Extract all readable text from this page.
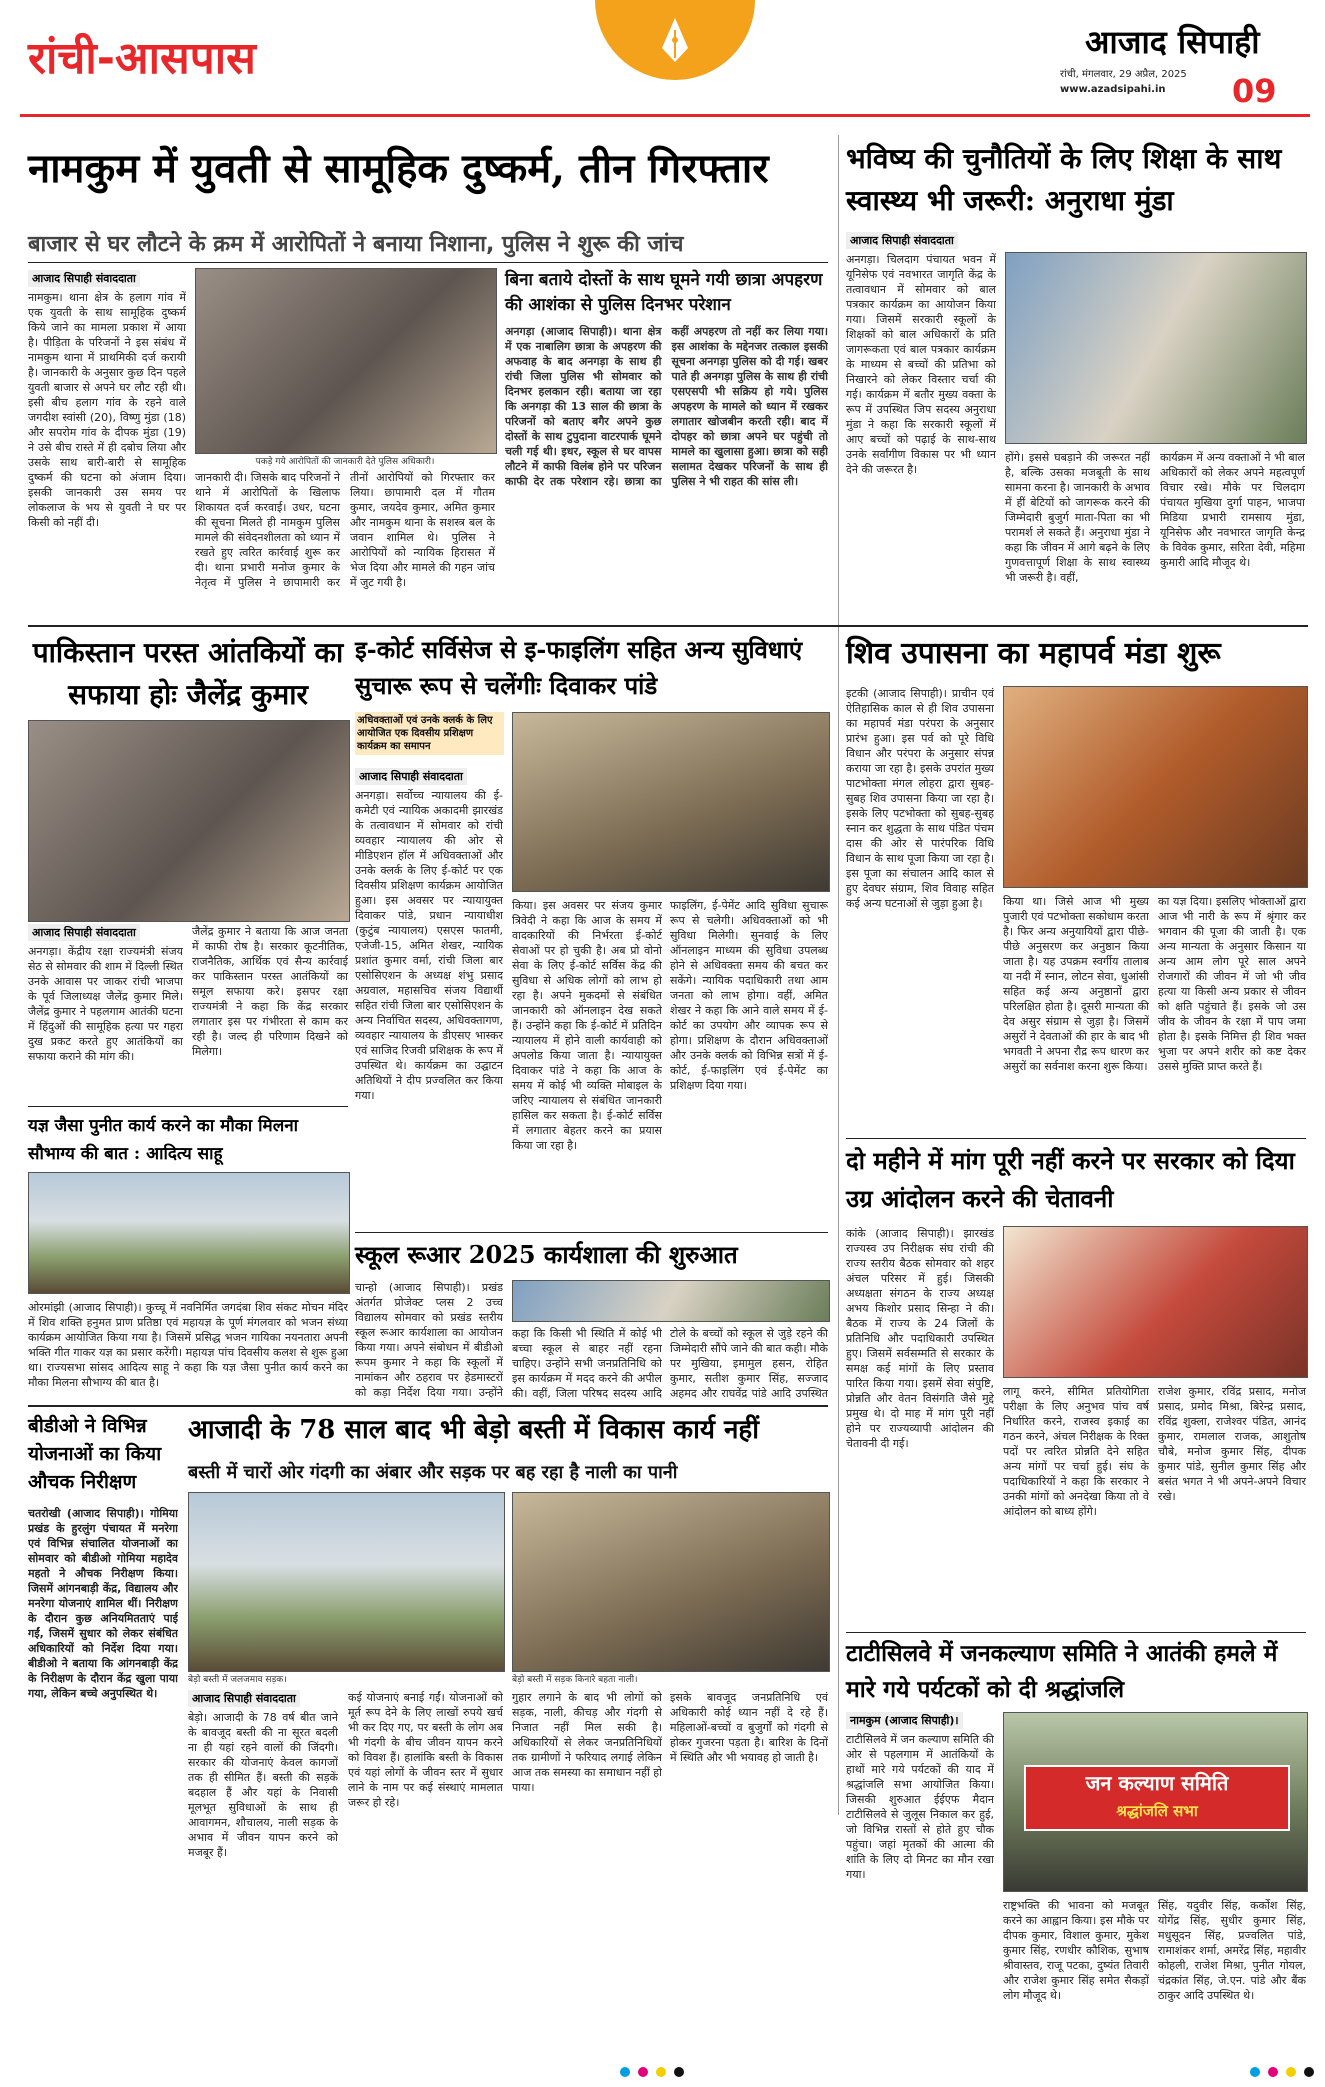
रांची-आसपास	आजाद सिपाही
रांची, मंगलवार, 29 अप्रैल, 2025
www.azadsipahi.in 09
नामकुम में युवती से सामूहिक दुष्कर्म, तीन गिरफ्तार
बाजार से घर लौटने के क्रम में आरोपितों ने बनाया निशाना, पुलिस ने शुरू की जांच
आजाद सिपाही संवाददाता
नामकुम। थाना क्षेत्र के हलाग गांव में एक युवती के साथ सामूहिक दुष्कर्म किये जाने का मामला प्रकाश में आया है। पीड़िता के परिजनों ने इस संबंध में नामकुम थाना में प्राथमिकी दर्ज करायी है। जानकारी के अनुसार कुछ दिन पहले युवती बाजार से अपने घर लौट रही थी। इसी बीच हलाग गांव के रहने वाले जगदीश स्वांसी (20), विष्णु मुंडा (18) और सपरोम गांव के दीपक मुंडा (19) ने उसे बीच रास्ते में ही दबोच लिया और उसके साथ बारी-बारी से सामूहिक दुष्कर्म की घटना को अंजाम दिया। इसकी जानकारी उस समय पर लोकलाज के भय से युवती ने घर पर किसी को नहीं दी।
पकड़े गये आरोपितों की जानकारी देते पुलिस अधिकारी।
जानकारी दी। जिसके बाद परिजनों ने थाने में आरोपितों के खिलाफ शिकायत दर्ज करवाई। उधर, घटना की सूचना मिलते ही नामकुम पुलिस मामले की संवेदनशीलता को ध्यान में रखते हुए त्वरित कार्रवाई शुरू कर दी। थाना प्रभारी मनोज कुमार के नेतृत्व में पुलिस ने छापामारी कर तीनों आरोपियों को गिरफ्तार कर लिया। छापामारी दल में गौतम कुमार, जयदेव कुमार, अमित कुमार और नामकुम थाना के सशस्त्र बल के जवान शामिल थे। पुलिस ने आरोपियों को न्यायिक हिरासत में भेज दिया और मामले की गहन जांच में जुट गयी है।
बिना बताये दोस्तों के साथ घूमने गयी छात्रा अपहरण की आशंका से पुलिस दिनभर परेशान
अनगड़ा (आजाद सिपाही)। थाना क्षेत्र में एक नाबालिग छात्रा के अपहरण की अफवाह के बाद अनगड़ा के साथ ही रांची जिला पुलिस भी सोमवार को दिनभर हलकान रही। बताया जा रहा कि अनगड़ा की 13 साल की छात्रा के परिजनों को बताए बगैर अपने कुछ दोस्तों के साथ टुपुदाना वाटरपार्क घूमने चली गई थी। इधर, स्कूल से घर वापस लौटने में काफी विलंब होने पर परिजन काफी देर तक परेशान रहे। छात्रा का कहीं अपहरण तो नहीं कर लिया गया। इस आशंका के मद्देनजर तत्काल इसकी सूचना अनगड़ा पुलिस को दी गई। खबर पाते ही अनगड़ा पुलिस के साथ ही रांची एसएसपी भी सक्रिय हो गये। पुलिस अपहरण के मामले को ध्यान में रखकर लगातार खोजबीन करती रही। बाद में दोपहर को छात्रा अपने घर पहुंची तो मामले का खुलासा हुआ। छात्रा को सही सलामत देखकर परिजनों के साथ ही पुलिस ने भी राहत की सांस ली।
भविष्य की चुनौतियों के लिए शिक्षा के साथ स्वास्थ्य भी जरूरी: अनुराधा मुंडा
आजाद सिपाही संवाददाता
अनगड़ा। चिलदाग पंचायत भवन में यूनिसेफ एवं नवभारत जागृति केंद्र के तत्वावधान में सोमवार को बाल पत्रकार कार्यक्रम का आयोजन किया गया। जिसमें सरकारी स्कूलों के शिक्षकों को बाल अधिकारों के प्रति जागरूकता एवं बाल पत्रकार कार्यक्रम के माध्यम से बच्चों की प्रतिभा को निखारने को लेकर विस्तार चर्चा की गई। कार्यक्रम में बतौर मुख्य वक्ता के रूप में उपस्थित जिप सदस्य अनुराधा मुंडा ने कहा कि सरकारी स्कूलों में आए बच्चों को पढ़ाई के साथ-साथ उनके सर्वांगीण विकास पर भी ध्यान देने की जरूरत है।
होंगे। इससे घबड़ाने की जरूरत नहीं है, बल्कि उसका मजबूती के साथ सामना करना है। जानकारी के अभाव में हीं बेटियों को जागरूक करने की जिम्मेदारी बुजुर्ग माता-पिता का भी परामर्श ले सकते हैं। अनुराधा मुंडा ने कहा कि जीवन में आगे बढ़ने के लिए गुणवत्तापूर्ण शिक्षा के साथ स्वास्थ्य भी जरूरी है। वहीं,
कार्यक्रम में अन्य वक्ताओं ने भी बाल अधिकारों को लेकर अपने महत्वपूर्ण विचार रखे। मौके पर चिलदाग पंचायत मुखिया दुर्गा पाहन, भाजपा मिडिया प्रभारी रामसाय मुंडा, यूनिसेफ और नवभारत जागृति केन्द्र के विवेक कुमार, सरिता देवी, महिमा कुमारी आदि मौजूद थे।
पाकिस्तान परस्त आंतकियों का सफाया होः जैलेंद्र कुमार
आजाद सिपाही संवाददाता
अनगड़ा। केंद्रीय रक्षा राज्यमंत्री संजय सेठ से सोमवार की शाम में दिल्ली स्थित उनके आवास पर जाकर रांची भाजपा के पूर्व जिलाध्यक्ष जैलेंद्र कुमार मिले। जैलेंद्र कुमार ने पहलगाम आतंकी घटना में हिंदुओं की सामूहिक हत्या पर गहरा दुख प्रकट करते हुए आतंकियों का सफाया कराने की मांग की।
जैलेंद्र कुमार ने बताया कि आज जनता में काफी रोष है। सरकार कूटनीतिक, राजनैतिक, आर्थिक एवं सैन्य कार्रवाई कर पाकिस्तान परस्त आतंकियों का समूल सफाया करे। इसपर रक्षा राज्यमंत्री ने कहा कि केंद्र सरकार लगातार इस पर गंभीरता से काम कर रही है। जल्द ही परिणाम दिखने को मिलेगा।
इ-कोर्ट सर्विसेज से इ-फाइलिंग सहित अन्य सुविधाएं सुचारू रूप से चलेंगीः दिवाकर पांडे
अधिवक्ताओं एवं उनके क्लर्क के लिए आयोजित एक दिवसीय प्रशिक्षण कार्यक्रम का समापन
आजाद सिपाही संवाददाता
अनगड़ा। सर्वोच्च न्यायालय की ई-कमेटी एवं न्यायिक अकादमी झारखंड के तत्वावधान में सोमवार को रांची व्यवहार न्यायालय की ओर से मीडिएशन हॉल में अधिवक्ताओं और उनके क्लर्क के लिए ई-कोर्ट पर एक दिवसीय प्रशिक्षण कार्यक्रम आयोजित हुआ। इस अवसर पर न्यायायुक्त दिवाकर पांडे, प्रधान न्यायाधीश (कुटुंब न्यायालय) एसएस फातमी, एजेजी-15, अमित शेखर, न्यायिक प्रशांत कुमार वर्मा, रांची जिला बार एसोसिएशन के अध्यक्ष शंभु प्रसाद अग्रवाल, महासचिव संजय विद्यार्थी सहित रांची जिला बार एसोसिएशन के अन्य निर्वाचित सदस्य, अधिवक्तागण, व्यवहार न्यायालय के डीएसए भास्कर एवं साजिद रिजवी प्रशिक्षक के रूप में उपस्थित थे। कार्यक्रम का उद्घाटन अतिथियों ने दीप प्रज्वलित कर किया गया।
किया। इस अवसर पर संजय कुमार त्रिवेदी ने कहा कि आज के समय में वादकारियों की निर्भरता ई-कोर्ट सेवाओं पर हो चुकी है। अब प्रो वोनो सेवा के लिए ई-कोर्ट सर्विस केंद्र की सुविधा से अधिक लोगों को लाभ हो रहा है। अपने मुकदमों से संबंधित जानकारी को ऑनलाइन देख सकते हैं। उन्होंने कहा कि ई-कोर्ट में प्रतिदिन न्यायालय में होने वाली कार्यवाही को अपलोड किया जाता है। न्यायायुक्त दिवाकर पांडे ने कहा कि आज के समय में कोई भी व्यक्ति मोबाइल के जरिए न्यायालय से संबंधित जानकारी हासिल कर सकता है। ई-कोर्ट सर्विस में लगातार बेहतर करने का प्रयास किया जा रहा है।
फाइलिंग, ई-पेमेंट आदि सुविधा सुचारू रूप से चलेगी। अधिवक्ताओं को भी सुविधा मिलेगी। सुनवाई के लिए ऑनलाइन माध्यम की सुविधा उपलब्ध होने से अधिवक्ता समय की बचत कर सकेंगे। न्यायिक पदाधिकारी तथा आम जनता को लाभ होगा। वहीं, अमित शेखर ने कहा कि आने वाले समय में ई-कोर्ट का उपयोग और व्यापक रूप से होगा। प्रशिक्षण के दौरान अधिवक्ताओं और उनके क्लर्क को विभिन्न सत्रों में ई-कोर्ट, ई-फाइलिंग एवं ई-पेमेंट का प्रशिक्षण दिया गया।
शिव उपासना का महापर्व मंडा शुरू
इटकी (आजाद सिपाही)। प्राचीन एवं ऐतिहासिक काल से ही शिव उपासना का महापर्व मंडा परंपरा के अनुसार प्रारंभ हुआ। इस पर्व को पूरे विधि विधान और परंपरा के अनुसार संपन्न कराया जा रहा है। इसके उपरांत मुख्य पाटभोक्ता मंगल लोहरा द्वारा सुबह-सुबह शिव उपासना किया जा रहा है। इसके लिए पटभोक्ता को सुबह-सुबह स्नान कर शुद्धता के साथ पंडित पंचम दास की ओर से पारंपरिक विधि विधान के साथ पूजा किया जा रहा है। इस पूजा का संचालन आदि काल से हुए देवघर संग्राम, शिव विवाह सहित कई अन्य घटनाओं से जुड़ा हुआ है।	किया था। जिसे आज भी मुख्य पुजारी एवं पटभोक्ता सकोधाम करता है। फिर अन्य अनुयायियों द्वारा पीछे-पीछे अनुसरण कर अनुष्ठान किया जाता है। यह उपक्रम स्वर्गीय तालाब या नदी में स्नान, लोटन सेवा, धुआंसी सहित कई अन्य अनुष्ठानों द्वारा परिलक्षित होता है। दूसरी मान्यता की देव असुर संग्राम से जुड़ा है। जिसमें असुरों ने देवताओं की हार के बाद भी भगवती ने अपना रौद्र रूप धारण कर असुरों का सर्वनाश करना शुरू किया।
का यज्ञ दिया। इसलिए भोक्ताओं द्वारा आज भी नारी के रूप में श्रृंगार कर भगवान की पूजा की जाती है। एक अन्य मान्यता के अनुसार किसान या अन्य आम लोग पूरे साल अपने रोजगारों की जीवन में जो भी जीव हत्या या किसी अन्य प्रकार से जीवन को क्षति पहुंचाते हैं। इसके जो उस जीव के जीवन के रक्षा में पाप जमा होता है। इसके निमित्त ही शिव भक्त भुजा पर अपने शरीर को कष्ट देकर उससे मुक्ति प्राप्त करते हैं।
यज्ञ जैसा पुनीत कार्य करने का मौका मिलना सौभाग्य की बात : आदित्य साहू
ओरमांझी (आजाद सिपाही)। कुच्चू में नवनिर्मित जगदंबा शिव संकट मोचन मंदिर में शिव शक्ति हनुमत प्राण प्रतिष्ठा एवं महायज्ञ के पूर्ण मंगलवार को भजन संध्या कार्यक्रम आयोजित किया गया है। जिसमें प्रसिद्ध भजन गायिका नयनतारा अपनी भक्ति गीत गाकर यज्ञ का प्रसार करेंगी। महायज्ञ पांच दिवसीय कलश से शुरू हुआ था। राज्यसभा सांसद आदित्य साहू ने कहा कि यज्ञ जैसा पुनीत कार्य करने का मौका मिलना सौभाग्य की बात है।
स्कूल रूआर 2025 कार्यशाला की शुरुआत
चान्हो (आजाद सिपाही)। प्रखंड अंतर्गत प्रोजेक्ट प्लस 2 उच्च विद्यालय सोमवार को प्रखंड स्तरीय स्कूल रूआर कार्यशाला का आयोजन किया गया। अपने संबोधन में बीडीओ रूपम कुमार ने कहा कि स्कूलों में नामांकन और ठहराव पर हेडमास्टरों को कड़ा निर्देश दिया गया। उन्होंने
कहा कि किसी भी स्थिति में कोई भी बच्चा स्कूल से बाहर नहीं रहना चाहिए। उन्होंने सभी जनप्रतिनिधि को इस कार्यक्रम में मदद करने की अपील की। वहीं, जिला परिषद सदस्य आदि
टोले के बच्चों को स्कूल से जुड़े रहने की जिम्मेदारी सौंपे जाने की बात कही। मौके पर मुखिया, इमामुल हसन, रोहित कुमार, सतीश कुमार सिंह, सज्जाद अहमद और राघवेंद्र पांडे आदि उपस्थित
दो महीने में मांग पूरी नहीं करने पर सरकार को दिया उग्र आंदोलन करने की चेतावनी
कांके (आजाद सिपाही)। झारखंड राज्यस्व उप निरीक्षक संघ रांची की राज्य स्तरीय बैठक सोमवार को शहर अंचल परिसर में हुई। जिसकी अध्यक्षता संगठन के राज्य अध्यक्ष अभय किशोर प्रसाद सिन्हा ने की। बैठक में राज्य के 24 जिलों के प्रतिनिधि और पदाधिकारी उपस्थित हुए। जिसमें सर्वसम्मति से सरकार के समक्ष कई मांगों के लिए प्रस्ताव पारित किया गया। इसमें सेवा संपुष्टि, प्रोन्नति और वेतन विसंगति जैसे मुद्दे प्रमुख थे। दो माह में मांग पूरी नहीं होने पर राज्यव्यापी आंदोलन की चेतावनी दी गई।
लागू करने, सीमित प्रतियोगिता परीक्षा के लिए अनुभव पांच वर्ष निर्धारित करने, राजस्व इकाई का गठन करने, अंचल निरीक्षक के रिक्त पदों पर त्वरित प्रोन्नति देने सहित अन्य मांगों पर चर्चा हुई। संघ के पदाधिकारियों ने कहा कि सरकार ने उनकी मांगों को अनदेखा किया तो वे आंदोलन को बाध्य होंगे।
राजेश कुमार, रविंद्र प्रसाद, मनोज प्रसाद, प्रमोद मिश्रा, बिरेन्द्र प्रसाद, रविंद्र शुक्ला, राजेश्वर पंडित, आनंद कुमार, रामलाल राजक, आशुतोष चौबे, मनोज कुमार सिंह, दीपक कुमार पांडे, सुनील कुमार सिंह और बसंत भगत ने भी अपने-अपने विचार रखे।
बीडीओ ने विभिन्न योजनाओं का किया औचक निरीक्षण
चतरोखी (आजाद सिपाही)। गोमिया प्रखंड के हुरलुंग पंचायत में मनरेगा एवं विभिन्न संचालित योजनाओं का सोमवार को बीडीओ गोमिया महादेव महतो ने औचक निरीक्षण किया। जिसमें आंगनबाड़ी केंद्र, विद्यालय और मनरेगा योजनाएं शामिल थीं। निरीक्षण के दौरान कुछ अनियमितताएं पाई गईं, जिसमें सुधार को लेकर संबंधित अधिकारियों को निर्देश दिया गया। बीडीओ ने बताया कि आंगनबाड़ी केंद्र के निरीक्षण के दौरान केंद्र खुला पाया गया, लेकिन बच्चे अनुपस्थित थे।
आजादी के 78 साल बाद भी बेड़ो बस्ती में विकास कार्य नहीं
बस्ती में चारों ओर गंदगी का अंबार और सड़क पर बह रहा है नाली का पानी
बेड़ो बस्ती में जलजमाव सड़क।	बेड़ो बस्ती में सड़क किनारे बहता नाली।
आजाद सिपाही संवाददाता
बेड़ो। आजादी के 78 वर्ष बीत जाने के बावजूद बस्ती की ना सूरत बदली ना ही यहां रहने वालों की जिंदगी। सरकार की योजनाएं केवल कागजों तक ही सीमित हैं। बस्ती की सड़कें बदहाल हैं और यहां के निवासी मूलभूत सुविधाओं के साथ ही आवागमन, शौचालय, नाली सड़क के अभाव में जीवन यापन करने को मजबूर हैं।
कई योजनाएं बनाई गईं। योजनाओं को मूर्त रूप देने के लिए लाखों रुपये खर्च भी कर दिए गए, पर बस्ती के लोग अब भी गंदगी के बीच जीवन यापन करने को विवश हैं। हालांकि बस्ती के विकास एवं यहां लोगों के जीवन स्तर में सुधार लाने के नाम पर कई संस्थाएं मामलात जरूर हो रहे।
गुहार लगाने के बाद भी लोगों को सड़क, नाली, कीचड़ और गंदगी से निजात नहीं मिल सकी है। अधिकारियों से लेकर जनप्रतिनिधियों तक ग्रामीणों ने फरियाद लगाई लेकिन आज तक समस्या का समाधान नहीं हो पाया।
इसके बावजूद जनप्रतिनिधि एवं अधिकारी कोई ध्यान नहीं दे रहे हैं। महिलाओं-बच्चों व बुजुर्गों को गंदगी से होकर गुजरना पड़ता है। बारिश के दिनों में स्थिति और भी भयावह हो जाती है।
टाटीसिलवे में जनकल्याण समिति ने आतंकी हमले में मारे गये पर्यटकों को दी श्रद्धांजलि
नामकुम (आजाद सिपाही)।
टाटीसिलवे में जन कल्याण समिति की ओर से पहलगाम में आतंकियों के हाथों मारे गये पर्यटकों की याद में श्रद्धांजलि सभा आयोजित किया। जिसकी शुरुआत ईईएफ मैदान टाटीसिलवे से जुलूस निकाल कर हुई, जो विभिन्न रास्तों से होते हुए चौक पहुंचा। जहां मृतकों की आत्मा की शांति के लिए दो मिनट का मौन रखा गया।
जन कल्याण समिति
श्रद्धांजलि सभा
राष्ट्रभक्ति की भावना को मजबूत करने का आह्वान किया। इस मौके पर दीपक कुमार, विशाल कुमार, मुकेश कुमार सिंह, रणधीर कौशिक, सुभाष श्रीवास्तव, राजू पटका, दुष्यंत तिवारी और राजेश कुमार सिंह समेत सैकड़ों लोग मौजूद थे।
सिंह, यदुवीर सिंह, कर्कोश सिंह, योगेंद्र सिंह, सुधीर कुमार सिंह, मधुसूदन सिंह, प्रज्वलित पांडे, रामाशंकर शर्मा, अमरेंद्र सिंह, महावीर कोहली, राजेश मिश्रा, पुनीत गोयल, चंद्रकांत सिंह, जे.एन. पांडे और बैंक ठाकुर आदि उपस्थित थे।
